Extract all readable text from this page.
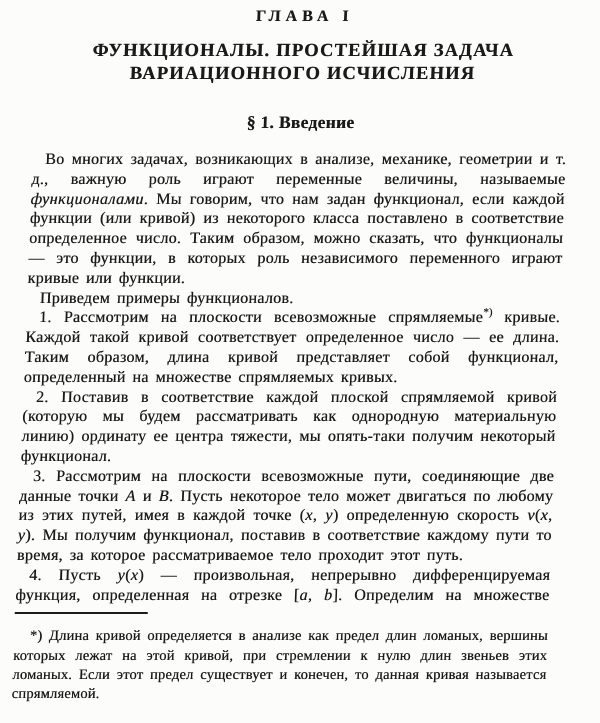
ГЛАВА I
ФУНКЦИОНАЛЫ. ПРОСТЕЙШАЯ ЗАДАЧА
ВАРИАЦИОННОГО ИСЧИСЛЕНИЯ
§ 1. Введение

Во многих задачах, возникающих в анализе, механике, геометрии и т. д., важную роль играют переменные величины, называемые функционалами. Мы говорим, что нам задан функционал, если каждой функции (или кривой) из некоторого класса поставлено в соответствие определенное число. Таким образом, можно сказать, что функционалы — это функции, в которых роль независимого переменного играют кривые или функции.

Приведем примеры функционалов.

1. Рассмотрим на плоскости всевозможные спрямляемые*) кривые. Каждой такой кривой соответствует определенное число — ее длина. Таким образом, длина кривой представляет собой функционал, определенный на множестве спрямляемых кривых.

2. Поставив в соответствие каждой плоской спрямляемой кривой (которую мы будем рассматривать как однородную материальную линию) ординату ее центра тяжести, мы опять-таки получим некоторый функционал.

3. Рассмотрим на плоскости всевозможные пути, соединяющие две данные точки A и B. Пусть некоторое тело может двигаться по любому из этих путей, имея в каждой точке (x, y) определенную скорость v(x, y). Мы получим функционал, поставив в соответствие каждому пути то время, за которое рассматриваемое тело проходит этот путь.

4. Пусть y(x) — произвольная, непрерывно дифференцируемая функция, определенная на отрезке [a, b]. Определим на множестве

*) Длина кривой определяется в анализе как предел длин ломаных, вершины которых лежат на этой кривой, при стремлении к нулю длин звеньев этих ломаных. Если этот предел существует и конечен, то данная кривая называется спрямляемой.
